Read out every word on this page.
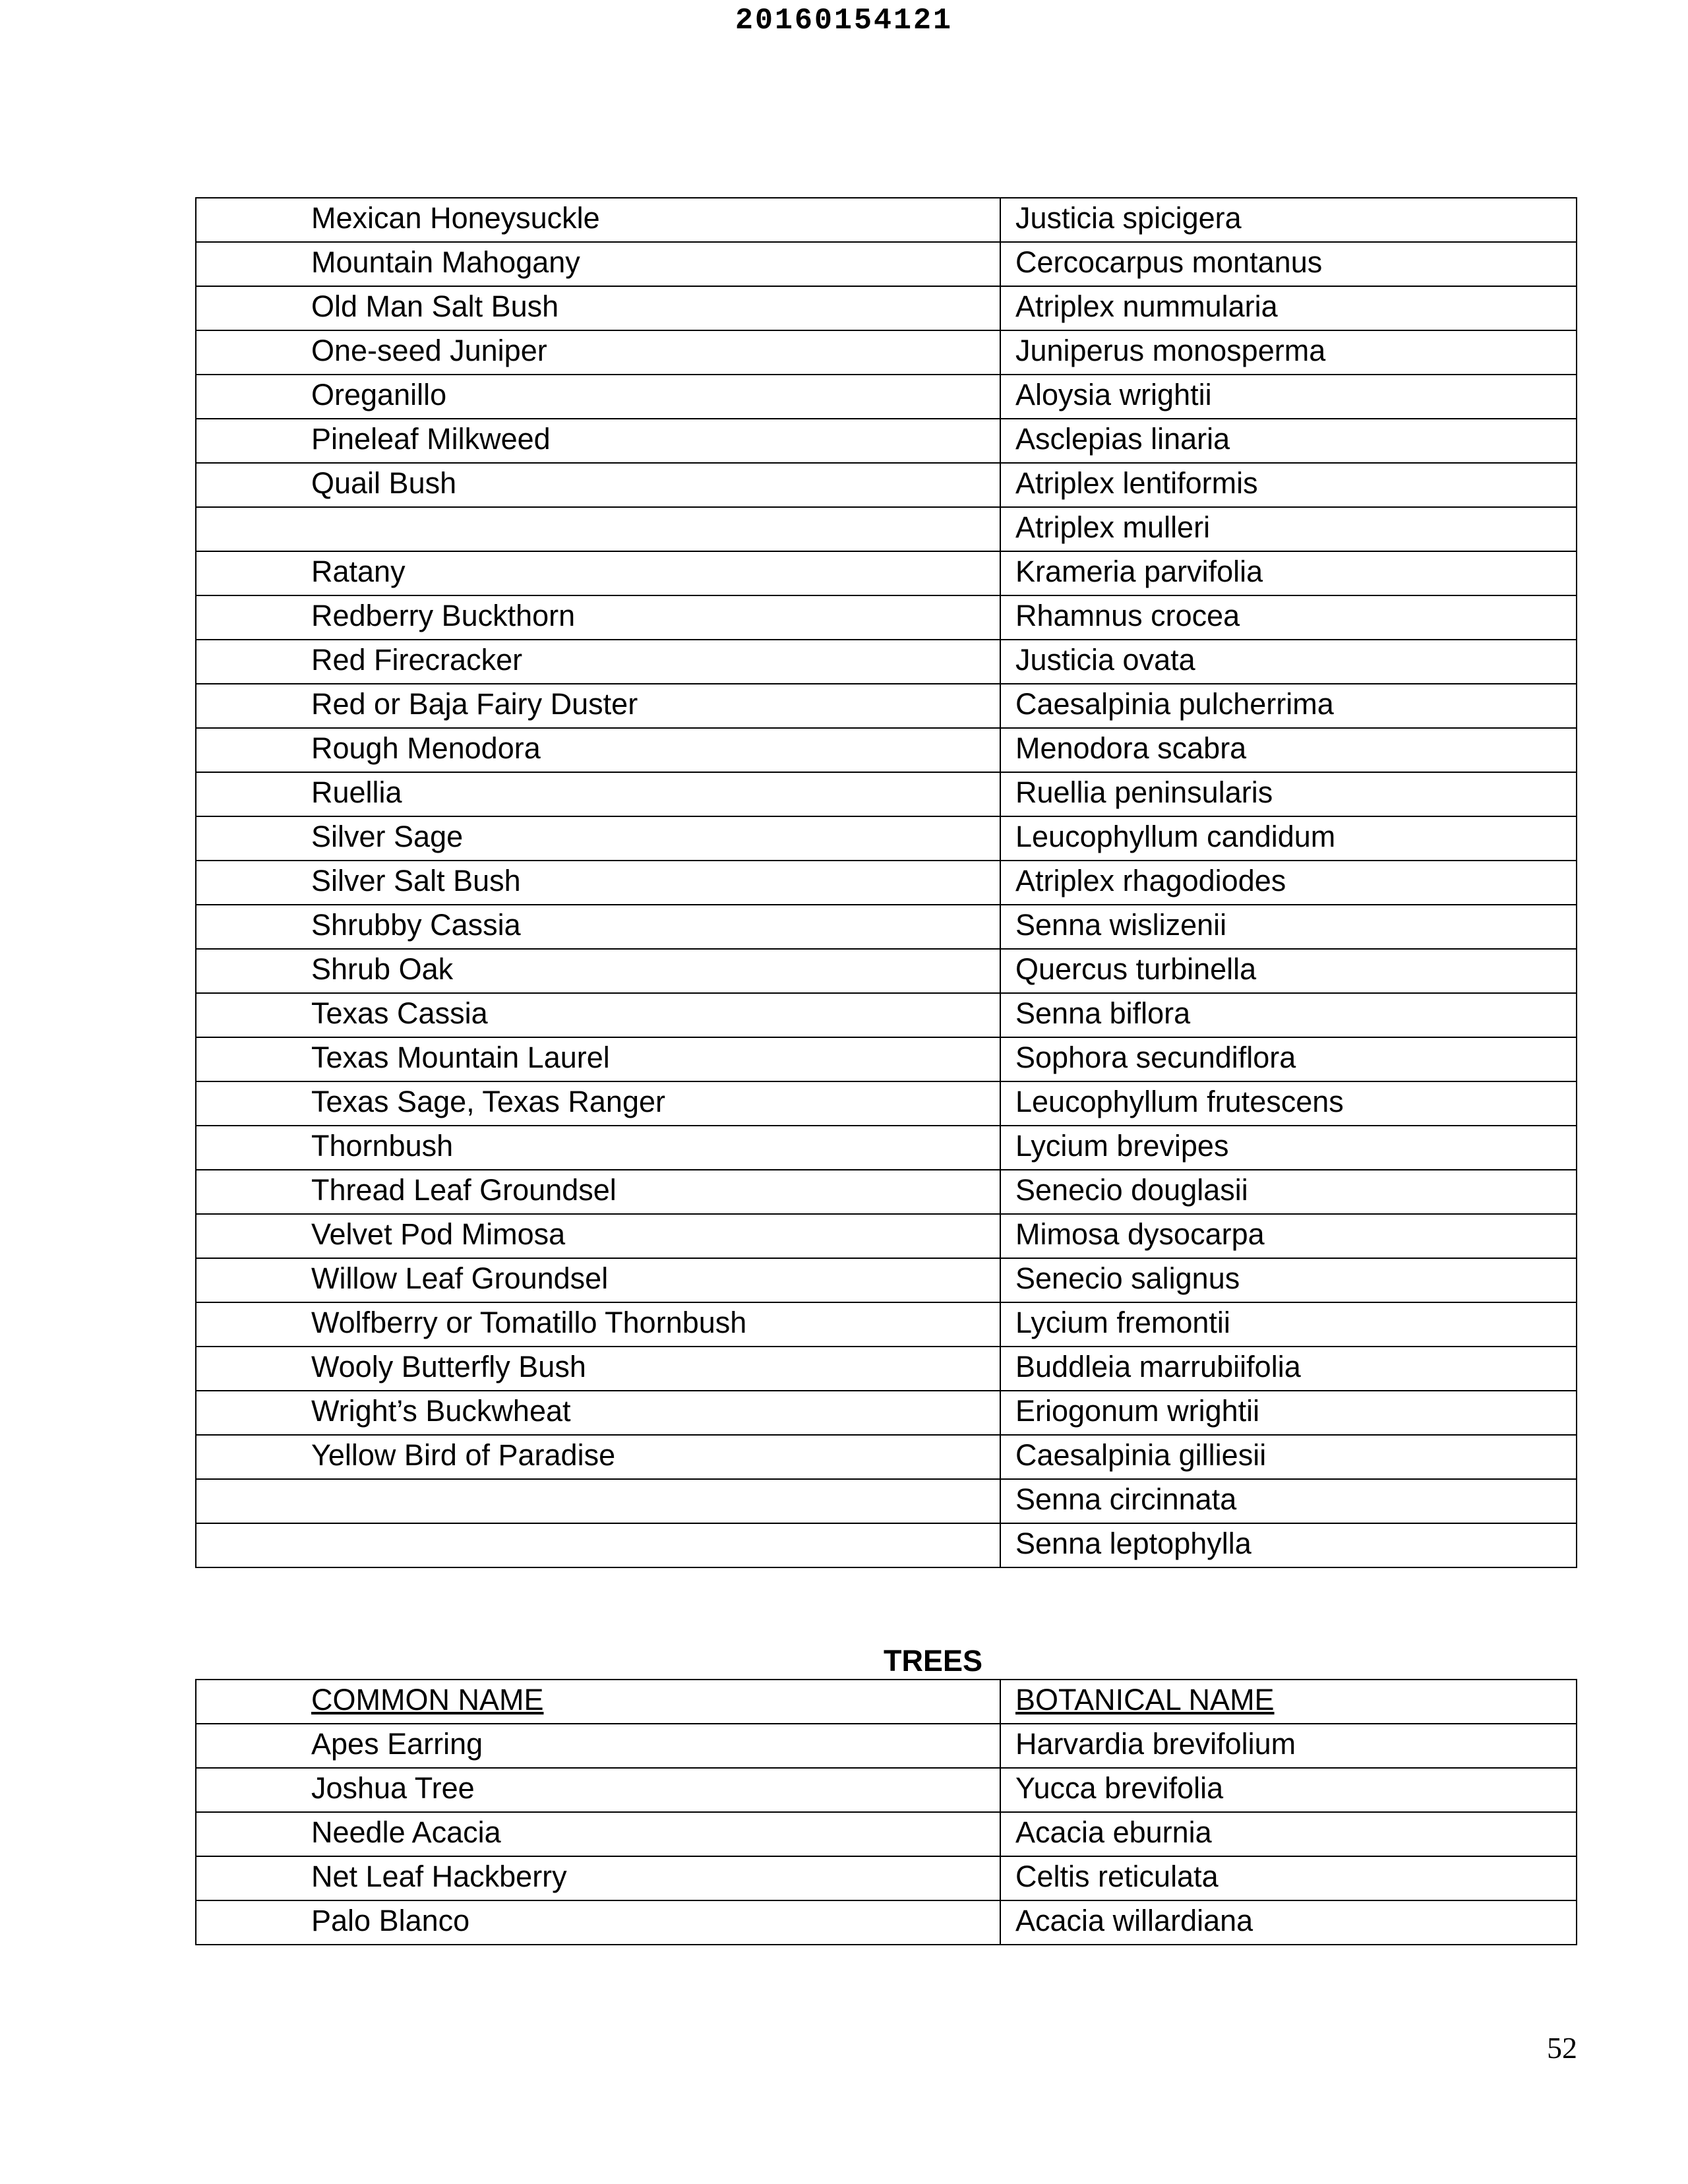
20160154121
Mexican Honeysuckle	Justicia spicigera
Mountain Mahogany	Cercocarpus montanus
Old Man Salt Bush	Atriplex nummularia
One-seed Juniper	Juniperus monosperma
Oreganillo	Aloysia wrightii
Pineleaf Milkweed	Asclepias linaria
Quail Bush	Atriplex lentiformis
	Atriplex mulleri
Ratany	Krameria parvifolia
Redberry Buckthorn	Rhamnus crocea
Red Firecracker	Justicia ovata
Red or Baja Fairy Duster	Caesalpinia pulcherrima
Rough Menodora	Menodora scabra
Ruellia	Ruellia peninsularis
Silver Sage	Leucophyllum candidum
Silver Salt Bush	Atriplex rhagodiodes
Shrubby Cassia	Senna wislizenii
Shrub Oak	Quercus turbinella
Texas Cassia	Senna biflora
Texas Mountain Laurel	Sophora secundiflora
Texas Sage, Texas Ranger	Leucophyllum frutescens
Thornbush	Lycium brevipes
Thread Leaf Groundsel	Senecio douglasii
Velvet Pod Mimosa	Mimosa dysocarpa
Willow Leaf Groundsel	Senecio salignus
Wolfberry or Tomatillo Thornbush	Lycium fremontii
Wooly Butterfly Bush	Buddleia marrubiifolia
Wright’s Buckwheat	Eriogonum wrightii
Yellow Bird of Paradise	Caesalpinia gilliesii
	Senna circinnata
	Senna leptophylla
TREES
COMMON NAME	BOTANICAL NAME
Apes Earring	Harvardia brevifolium
Joshua Tree	Yucca brevifolia
Needle Acacia	Acacia eburnia
Net Leaf Hackberry	Celtis reticulata
Palo Blanco	Acacia willardiana
52
